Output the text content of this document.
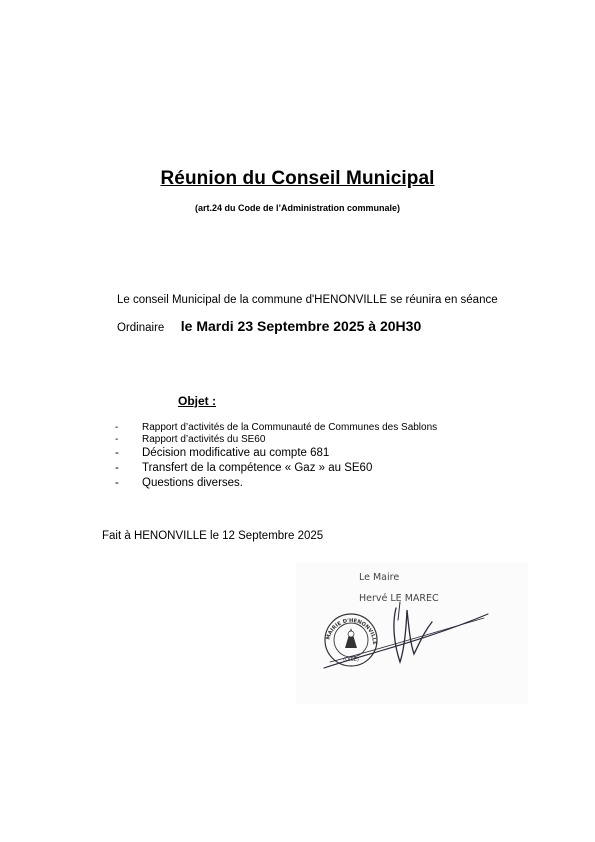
Réunion du Conseil Municipal
(art.24 du Code de l’Administration communale)
Le conseil Municipal de la commune d'HENONVILLE se réunira en séance
Ordinaire le Mardi 23 Septembre 2025 à 20H30
Objet :
-	Rapport d’activités de la Communauté de Communes des Sablons
-	Rapport d’activités du SE60
-	Décision modificative au compte 681
-	Transfert de la compétence « Gaz » au SE60
-	Questions diverses.
Fait à HENONVILLE le 12 Septembre 2025
MAIRIE D'HENONVILLE
(OISE)
Le Maire
Hervé LE MAREC
